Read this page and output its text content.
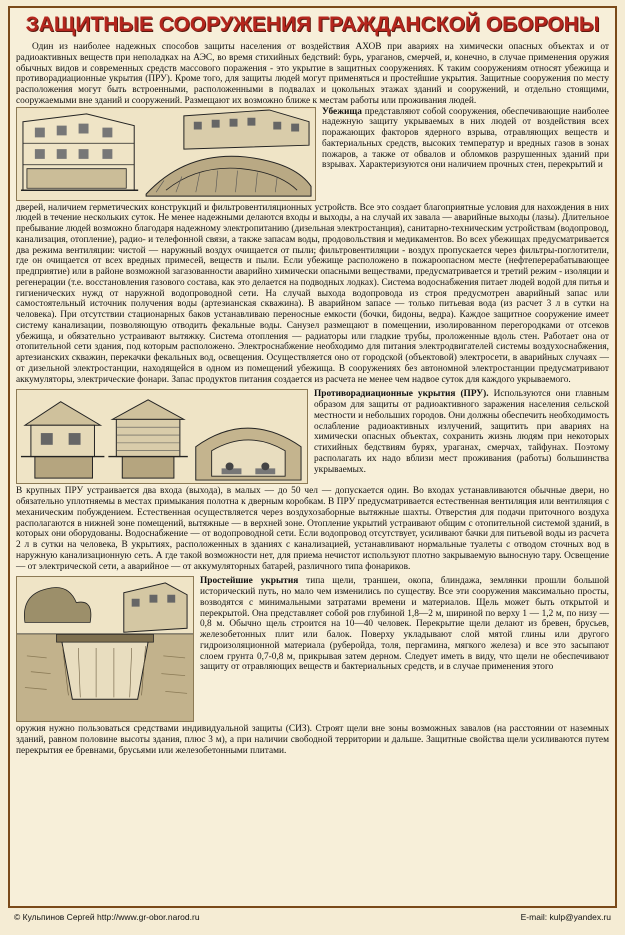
ЗАЩИТНЫЕ СООРУЖЕНИЯ ГРАЖДАНСКОЙ ОБОРОНЫ

Один из наиболее надежных способов защиты населения от воздействия АХОВ при авариях на химически опасных объектах и от радиоактивных веществ при неполадках на АЭС, во время стихийных бедствий: бурь, ураганов, смерчей, и, конечно, в случае применения оружия обычных видов и современных средств массового поражения - это укрытие в защитных сооружениях. К таким сооружениям относят убежища и противорадиационные укрытия (ПРУ). Кроме того, для защиты людей могут применяться и простейшие укрытия. Защитные сооружения по месту расположения могут быть встроенными, расположенными в подвалах и цокольных этажах зданий и сооружений, и отдельно стоящими, сооружаемыми вне зданий и сооружений. Размещают их возможно ближе к местам работы или проживания людей.

Убежища представляют собой сооружения, обеспечивающие наиболее надежную защиту укрываемых в них людей от воздействия всех поражающих факторов ядерного взрыва, отравляющих веществ и бактериальных средств, высоких температур и вредных газов в зонах пожаров, а также от обвалов и обломков разрушенных зданий при взрывах. Характеризуются они наличием прочных стен, перекрытий и

дверей, наличием герметических конструкций и фильтровентиляционных устройств. Все это создает благоприятные условия для нахождения в них людей в течение нескольких суток. Не менее надежными делаются входы и выходы, а на случай их завала — аварийные выходы (лазы). Длительное пребывание людей возможно благодаря надежному электропитанию (дизельная электростанция), санитарно-техническим устройствам (водопровод, канализация, отопление), радио- и телефонной связи, а также запасам воды, продовольствия и медикаментов. Во всех убежищах предусматривается два режима вентиляции: чистой — наружный воздух очищается от пыли; фильтровентиляции - воздух пропускается через фильтры-поглотители, где он очищается от всех вредных примесей, веществ и пыли. Если убежище расположено в пожароопасном месте (нефтеперерабатывающее предприятие) или в районе возможной загазованности аварийно химически опасными веществами, предусматривается и третий режим - изоляции и регенерации (т.е. восстановления газового состава, как это делается на подводных лодках). Система водоснабжения питает людей водой для питья и гигиенических нужд от наружной водопроводной сети. На случай выхода водопровода из строя предусмотрен аварийный запас или самостоятельный источник получения воды (артезианская скважина). В аварийном запасе — только питьевая вода (из расчет 3 л в сутки на человека). При отсутствии стационарных баков устанавливаю переносные емкости (бочки, бидоны, ведра). Каждое защитное сооружение имеет систему канализации, позволяющую отводить фекальные воды. Санузел размещают в помещении, изолированном перегородками от отсеков убежища, и обязательно устраивают вытяжку. Система отопления — радиаторы или гладкие трубы, проложенные вдоль стен. Работает она от отопительной сети здания, под которым расположено. Электроснабжение необходимо для питания электродвигателей системы воздухоснабжения, артезианских скважин, перекачки фекальных вод, освещения. Осуществляется оно от городской (объектовой) электросети, в аварийных случаях — от дизельной электростанции, находящейся в одном из помещений убежища. В сооружениях без автономной электростанции предусматривают аккумуляторы, электрические фонари. Запас продуктов питания создается из расчета не менее чем надвое суток для каждого укрываемого.

Противорадиационные укрытия (ПРУ). Используются они главным образом для защиты от радиоактивного заражения населения сельской местности и небольших городов. Они должны обеспечить необходимость ослабление радиоактивных излучений, защитить при авариях на химически опасных объектах, сохранить жизнь людям при некоторых стихийных бедствиям бурях, ураганах, смерчах, тайфунах. Поэтому располагать их надо вблизи мест проживания (работы) большинства укрываемых.

В крупных ПРУ устраивается два входа (выхода), в малых — до 50 чел — допускается один. Во входах устанавливаются обычные двери, но обязательно уплотняемы в местах примыкания полотна к дверным коробкам. В ПРУ предусматривается естественная вентиляция или вентиляция с механическим побуждением. Естественная осуществляется через воздухозаборные вытяжные шахты. Отверстия для подачи приточного воздуха располагаются в нижней зоне помещений, вытяжные — в верхней зоне. Отопление укрытий устраивают общим с отопительной системой зданий, в которых они оборудованы. Водоснабжение — от водопроводной сети. Если водопровод отсутствует, усиливают бачки для питьевой воды из расчета 2 л в сутки на человека, В укрытиях, расположенных в зданиях с канализацией, устанавливают нормальные туалеты с отводом сточных вод в наружную канализационную сеть. А где такой возможности нет, для приема нечистот используют плотно закрываемую выносную тару. Освещение — от электрической сети, а аварийное — от аккумуляторных батарей, различного типа фонариков.

Простейшие укрытия типа щели, траншеи, окопа, блиндажа, землянки прошли большой исторический путь, но мало чем изменились по существу. Все эти сооружения максимально просты, возводятся с минимальными затратами времени и материалов. Щель может быть открытой и перекрытой. Она представляет собой ров глубиной 1,8—2 м, шириной по верху 1 — 1,2 м, по низу — 0,8 м. Обычно щель строится на 10—40 человек. Перекрытие щели делают из бревен, брусьев, железобетонных плит или балок. Поверху укладывают слой мятой глины или другого гидроизоляционной материала (руберойда, толя, пергамина, мягкого железа) и все это засыпают слоем грунта 0,7-0,8 м, прикрывая затем дерном. Следует иметь в виду, что щели не обеспечивают защиту от отравляющих веществ и бактериальных средств, и в случае применения этого

оружия нужно пользоваться средствами индивидуальной защиты (СИЗ). Строят щели вне зоны возможных завалов (на расстоянии от наземных зданий, равном половине высоты здания, плюс 3 м), а при наличии свободной территории и дальше. Защитные свойства щели усиливаются путем перекрытия ее бревнами, брусьями или железобетонными плитами.

© Кульпинов Сергей http://www.gr-obor.narod.ru	E-mail: kulp@yandex.ru
